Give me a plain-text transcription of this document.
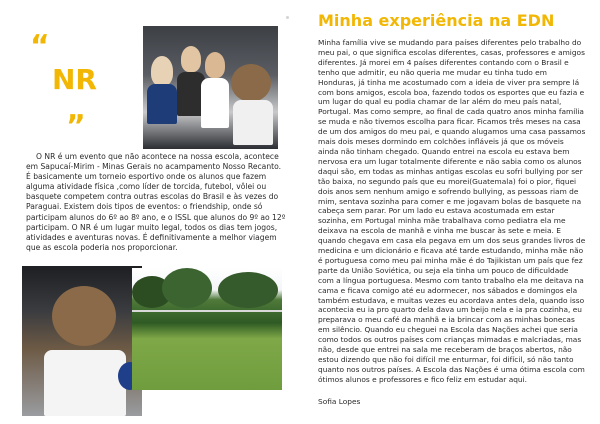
“
NR
”

O NR é um evento que não acontece na nossa escola, acontece em Sapucaí-Mirim - Minas Gerais no acampamento Nosso Recanto. É basicamente um torneio esportivo onde os alunos que fazem alguma atividade física ,como líder de torcida, futebol, vôlei ou basquete competem contra outras escolas do Brasil e às vezes do Paraguai. Existem dois tipos de eventos: o friendship, onde só participam alunos do 6º ao 8º ano, e o ISSL que alunos do 9º ao 12º participam. O NR é um lugar muito legal, todos os dias tem jogos, atividades e aventuras novas. É definitivamente a melhor viagem que as escola poderia nos proporcionar.

Minha experiência na EDN

Minha família vive se mudando para países diferentes pelo trabalho do meu pai, o que significa escolas diferentes, casas, professores e amigos diferentes. Já morei em 4 países diferentes contando com o Brasil e tenho que admitir, eu não queria me mudar eu tinha tudo em Honduras, já tinha me acostumado com a ideia de viver pra sempre lá com bons amigos, escola boa, fazendo todos os esportes que eu fazia e um lugar do qual eu podia chamar de lar além do meu país natal, Portugal. Mas como sempre, ao final de cada quatro anos minha família se muda e não tivemos escolha para ficar. Ficamos três meses na casa de um dos amigos do meu pai, e quando alugamos uma casa passamos mais dois meses dormindo em colchões infláveis já que os móveis ainda não tinham chegado. Quando entrei na escola eu estava bem nervosa era um lugar totalmente diferente e não sabia como os alunos daqui são, em todas as minhas antigas escolas eu sofri bullying por ser tão baixa, no segundo país que eu morei(Guatemala) foi o pior, fiquei dois anos sem nenhum amigo e sofrendo bullying, as pessoas riam de mim, sentava sozinha para comer e me jogavam bolas de basquete na cabeça sem parar. Por um lado eu estava acostumada em estar sozinha, em Portugal minha mãe trabalhava como pediatra ela me deixava na escola de manhã e vinha me buscar às sete e meia. E quando chegava em casa ela pegava em um dos seus grandes livros de medicina e um dicionário e ficava até tarde estudando, minha mãe não é portuguesa como meu pai minha mãe é do Tajikistan um país que fez parte da União Soviética, ou seja ela tinha um pouco de dificuldade com a língua portuguesa. Mesmo com tanto trabalho ela me deitava na cama e ficava comigo até eu adormecer, nos sábados e domingos ela também estudava, e muitas vezes eu acordava antes dela, quando isso acontecia eu ia pro quarto dela dava um beijo nela e ia pra cozinha, eu preparava o meu café da manhã e ia brincar com as minhas bonecas em silêncio. Quando eu cheguei na Escola das Nações achei que seria como todos os outros países com crianças mimadas e malcriadas, mas não, desde que entrei na sala me receberam de braços abertos, não estou dizendo que não foi difícil me enturmar, foi difícil, só não tanto quanto nos outros países. A Escola das Nações é uma ótima escola com ótimos alunos e professores e fico feliz em estudar aqui.

Sofia Lopes
